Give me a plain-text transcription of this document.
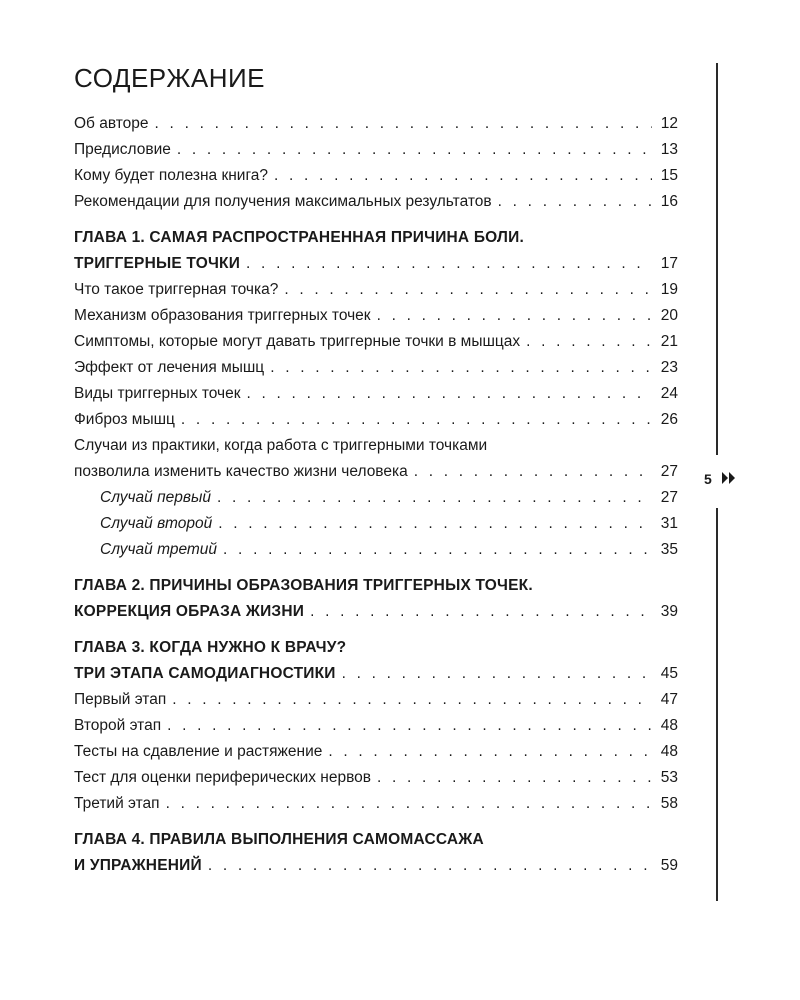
СОДЕРЖАНИЕ
Об авторе . . .	12
Предисловие . . .	13
Кому будет полезна книга? . . .	15
Рекомендации для получения максимальных результатов . . .	16
ГЛАВА 1. САМАЯ РАСПРОСТРАНЕННАЯ ПРИЧИНА БОЛИ.
ТРИГГЕРНЫЕ ТОЧКИ . . .	17
Что такое триггерная точка? . . .	19
Механизм образования триггерных точек . . .	20
Симптомы, которые могут давать триггерные точки в мышцах . . .	21
Эффект от лечения мышц . . .	23
Виды триггерных точек . . .	24
Фиброз мышц . . .	26
Случаи из практики, когда работа с триггерными точками
позволила изменить качество жизни человека . . .	27
Случай первый . . .	27
Случай второй . . .	31
Случай третий . . .	35
ГЛАВА 2. ПРИЧИНЫ ОБРАЗОВАНИЯ ТРИГГЕРНЫХ ТОЧЕК.
КОРРЕКЦИЯ ОБРАЗА ЖИЗНИ . . .	39
ГЛАВА 3. КОГДА НУЖНО К ВРАЧУ?
ТРИ ЭТАПА САМОДИАГНОСТИКИ . . .	45
Первый этап . . .	47
Второй этап . . .	48
Тесты на сдавление и растяжение . . .	48
Тест для оценки периферических нервов . . .	53
Третий этап . . .	58
ГЛАВА 4. ПРАВИЛА ВЫПОЛНЕНИЯ САМОМАССАЖА
И УПРАЖНЕНИЙ . . .	59
5
